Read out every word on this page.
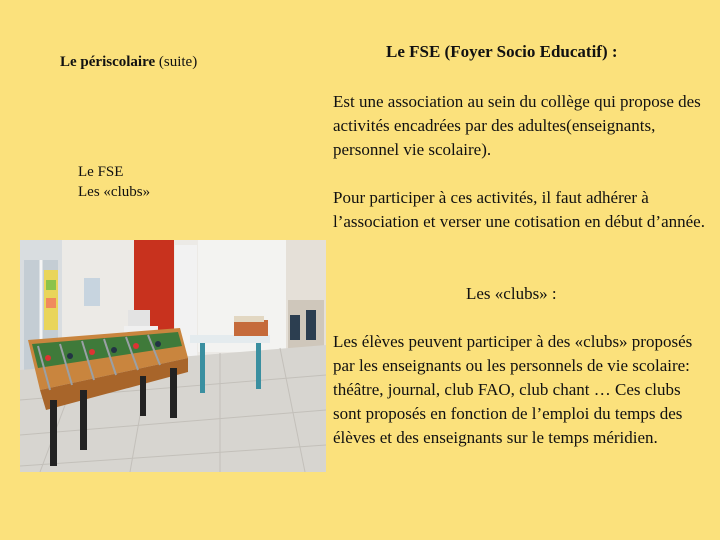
Le périscolaire (suite)
Le FSE
Les «clubs»
Le FSE (Foyer Socio Educatif) :
Est une association au sein du collège qui propose des activités encadrées par des adultes(enseignants, personnel vie scolaire).
Pour participer à ces activités, il faut adhérer à l’association et verser une cotisation en début d’année.
Les «clubs» :
Les élèves peuvent participer à des «clubs» proposés par les enseignants ou les personnels de vie scolaire: théâtre, journal, club FAO, club chant … Ces clubs sont proposés en fonction de l’emploi du temps des élèves et des enseignants sur le temps méridien.
